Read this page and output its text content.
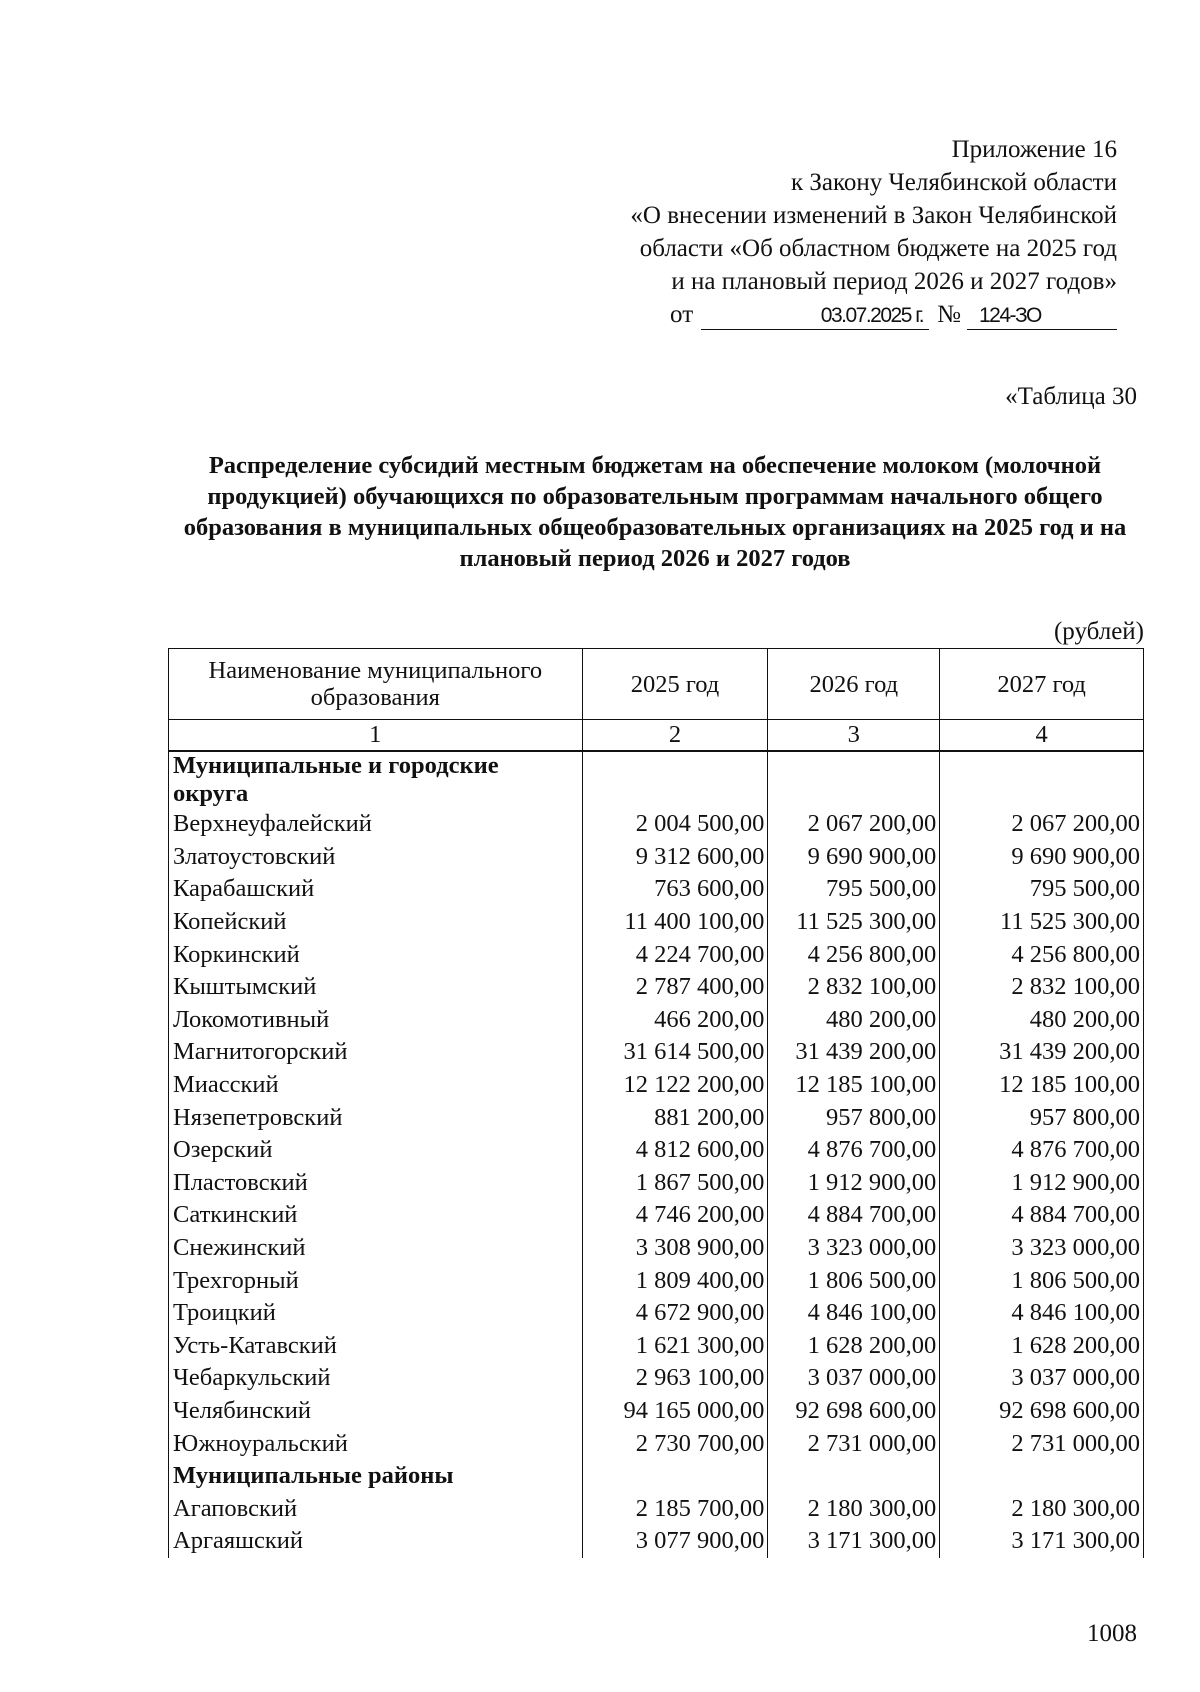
Приложение 16
к Закону Челябинской области
«О внесении изменений в Закон Челябинской
области «Об областном бюджете на 2025 год
и на плановый период 2026 и 2027 годов»
от	03.07.2025 г. № 124-ЗО
«Таблица 30
Распределение субсидий местным бюджетам на обеспечение молоком (молочной продукцией) обучающихся по образовательным программам начального общего образования в муниципальных общеобразовательных организациях на 2025 год и на плановый период 2026 и 2027 годов
(рублей)
Наименование муниципального образования	2025 год	2026 год	2027 год
1	2	3	4
Муниципальные и городские округа			
Верхнеуфалейский	2 004 500,00	2 067 200,00	2 067 200,00
Златоустовский	9 312 600,00	9 690 900,00	9 690 900,00
Карабашский	763 600,00	795 500,00	795 500,00
Копейский	11 400 100,00	11 525 300,00	11 525 300,00
Коркинский	4 224 700,00	4 256 800,00	4 256 800,00
Кыштымский	2 787 400,00	2 832 100,00	2 832 100,00
Локомотивный	466 200,00	480 200,00	480 200,00
Магнитогорский	31 614 500,00	31 439 200,00	31 439 200,00
Миасский	12 122 200,00	12 185 100,00	12 185 100,00
Нязепетровский	881 200,00	957 800,00	957 800,00
Озерский	4 812 600,00	4 876 700,00	4 876 700,00
Пластовский	1 867 500,00	1 912 900,00	1 912 900,00
Саткинский	4 746 200,00	4 884 700,00	4 884 700,00
Снежинский	3 308 900,00	3 323 000,00	3 323 000,00
Трехгорный	1 809 400,00	1 806 500,00	1 806 500,00
Троицкий	4 672 900,00	4 846 100,00	4 846 100,00
Усть-Катавский	1 621 300,00	1 628 200,00	1 628 200,00
Чебаркульский	2 963 100,00	3 037 000,00	3 037 000,00
Челябинский	94 165 000,00	92 698 600,00	92 698 600,00
Южноуральский	2 730 700,00	2 731 000,00	2 731 000,00
Муниципальные районы			
Агаповский	2 185 700,00	2 180 300,00	2 180 300,00
Аргаяшский	3 077 900,00	3 171 300,00	3 171 300,00
1008
